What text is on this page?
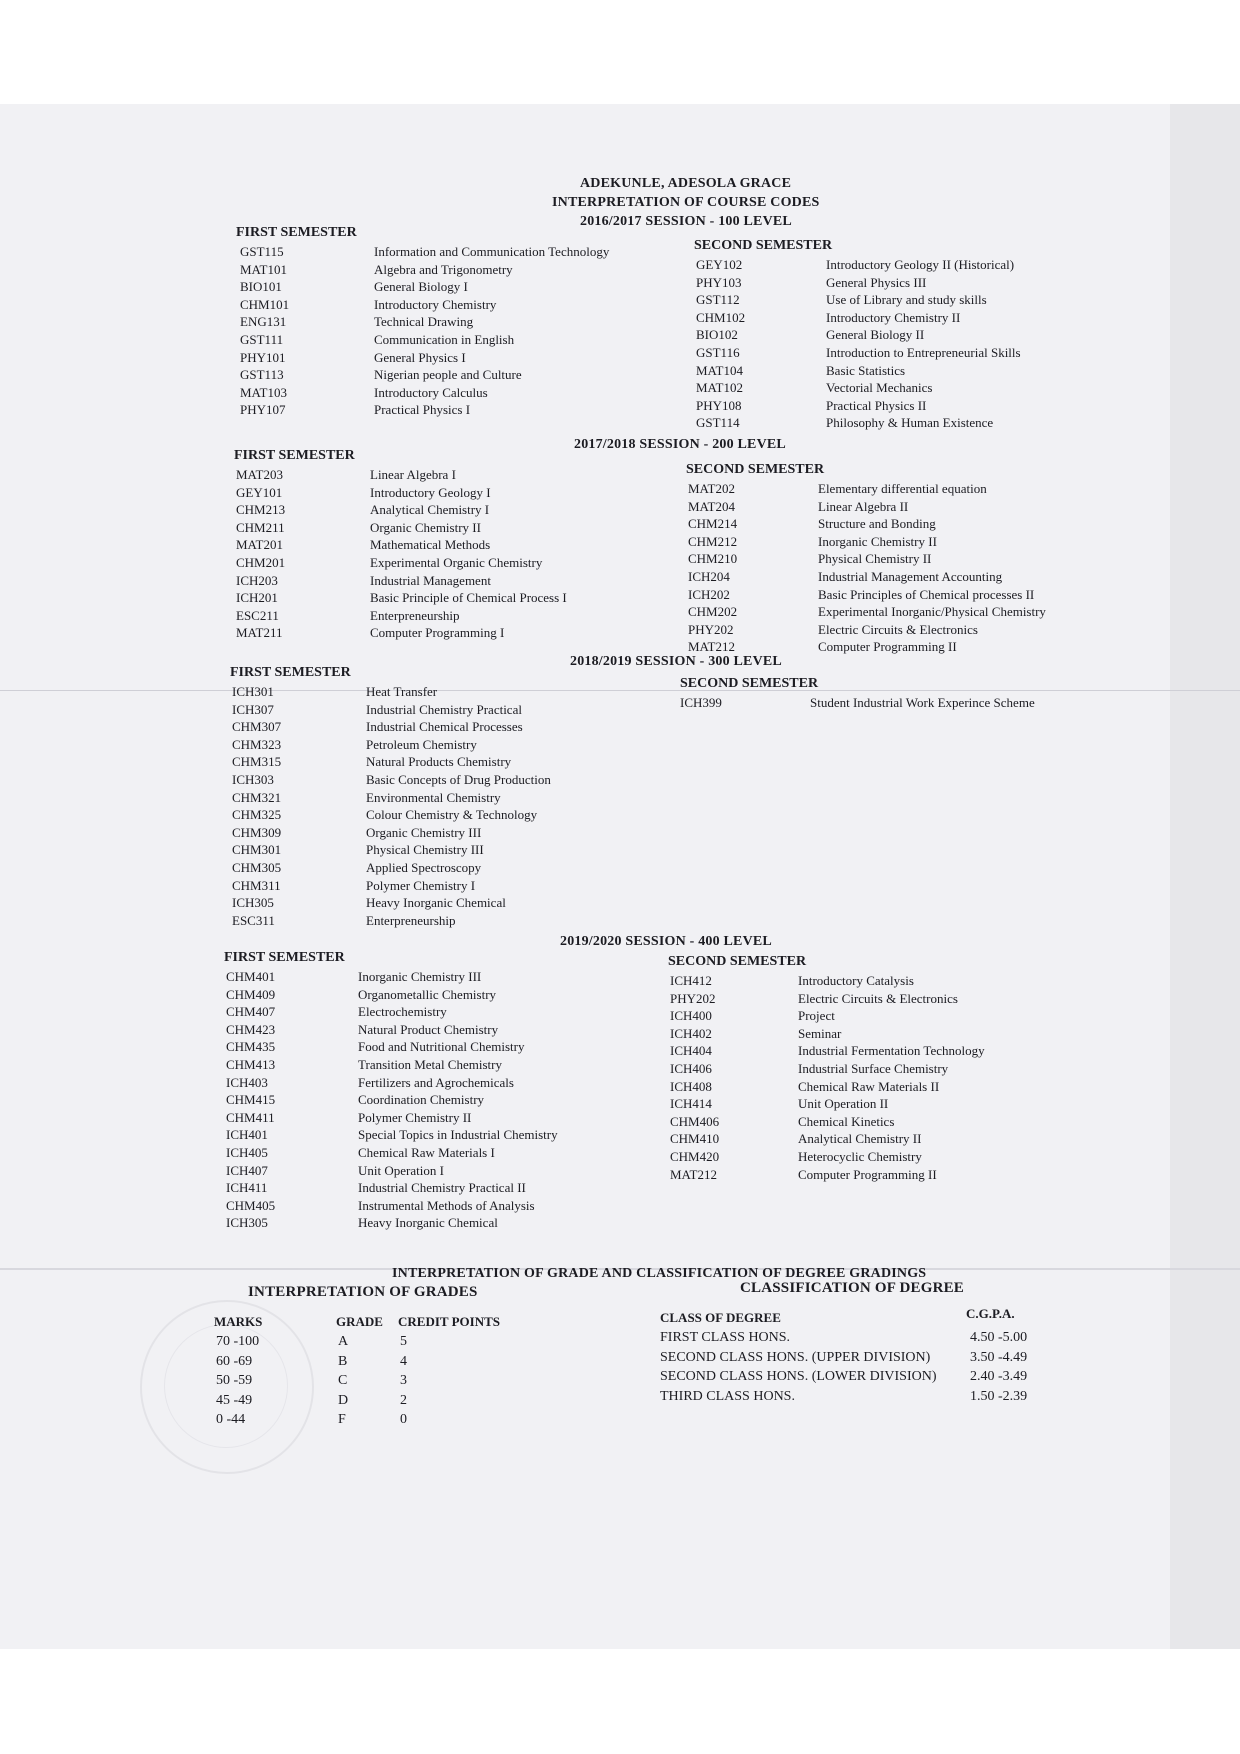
ADEKUNLE, ADESOLA GRACE
INTERPRETATION OF COURSE CODES
2016/2017 SESSION - 100 LEVEL
FIRST SEMESTER
SECOND SEMESTER
GST115	Information and Communication Technology
MAT101	Algebra and Trigonometry
BIO101	General Biology I
CHM101	Introductory Chemistry
ENG131	Technical Drawing
GST111	Communication in English
PHY101	General Physics I
GST113	Nigerian people and Culture
MAT103	Introductory Calculus
PHY107	Practical Physics I
GEY102	Introductory Geology II (Historical)
PHY103	General Physics III
GST112	Use of Library and study skills
CHM102	Introductory Chemistry II
BIO102	General Biology II
GST116	Introduction to Entrepreneurial Skills
MAT104	Basic Statistics
MAT102	Vectorial Mechanics
PHY108	Practical Physics II
GST114	Philosophy & Human Existence
2017/2018 SESSION - 200 LEVEL
FIRST SEMESTER
SECOND SEMESTER
MAT203	Linear Algebra I
GEY101	Introductory Geology I
CHM213	Analytical Chemistry I
CHM211	Organic Chemistry II
MAT201	Mathematical Methods
CHM201	Experimental Organic Chemistry
ICH203	Industrial Management
ICH201	Basic Principle of Chemical Process I
ESC211	Enterpreneurship
MAT211	Computer Programming I
MAT202	Elementary differential equation
MAT204	Linear Algebra II
CHM214	Structure and Bonding
CHM212	Inorganic Chemistry II
CHM210	Physical Chemistry II
ICH204	Industrial Management Accounting
ICH202	Basic Principles of Chemical processes II
CHM202	Experimental Inorganic/Physical Chemistry
PHY202	Electric Circuits & Electronics
MAT212	Computer Programming II
2018/2019 SESSION - 300 LEVEL
FIRST SEMESTER
SECOND SEMESTER
ICH301	Heat Transfer
ICH307	Industrial Chemistry Practical
CHM307	Industrial Chemical Processes
CHM323	Petroleum Chemistry
CHM315	Natural Products Chemistry
ICH303	Basic Concepts of Drug Production
CHM321	Environmental Chemistry
CHM325	Colour Chemistry & Technology
CHM309	Organic Chemistry III
CHM301	Physical Chemistry III
CHM305	Applied Spectroscopy
CHM311	Polymer Chemistry I
ICH305	Heavy Inorganic Chemical
ESC311	Enterpreneurship
ICH399	Student Industrial Work Experince Scheme
2019/2020 SESSION - 400 LEVEL
FIRST SEMESTER	SECOND SEMESTER
CHM401	Inorganic Chemistry III
CHM409	Organometallic Chemistry
CHM407	Electrochemistry
CHM423	Natural Product Chemistry
CHM435	Food and Nutritional Chemistry
CHM413	Transition Metal Chemistry
ICH403	Fertilizers and Agrochemicals
CHM415	Coordination Chemistry
CHM411	Polymer Chemistry II
ICH401	Special Topics in Industrial Chemistry
ICH405	Chemical Raw Materials I
ICH407	Unit Operation I
ICH411	Industrial Chemistry Practical II
CHM405	Instrumental Methods of Analysis
ICH305	Heavy Inorganic Chemical
ICH412	Introductory Catalysis
PHY202	Electric Circuits & Electronics
ICH400	Project
ICH402	Seminar
ICH404	Industrial Fermentation Technology
ICH406	Industrial Surface Chemistry
ICH408	Chemical Raw Materials II
ICH414	Unit Operation II
CHM406	Chemical Kinetics
CHM410	Analytical Chemistry II
CHM420	Heterocyclic Chemistry
MAT212	Computer Programming II
INTERPRETATION OF GRADE AND CLASSIFICATION OF DEGREE GRADINGS
INTERPRETATION OF GRADES	CLASSIFICATION OF DEGREE
MARKS	GRADE CREDIT POINTS
70 -100	A	5
60 -69	B	4
50 -59	C	3
45 -49	D	2
0 -44	F	0
CLASS OF DEGREE	C.G.P.A.
FIRST CLASS HONS.	4.50 -5.00
SECOND CLASS HONS. (UPPER DIVISION)	3.50 -4.49
SECOND CLASS HONS. (LOWER DIVISION)	2.40 -3.49
THIRD CLASS HONS.	1.50 -2.39
